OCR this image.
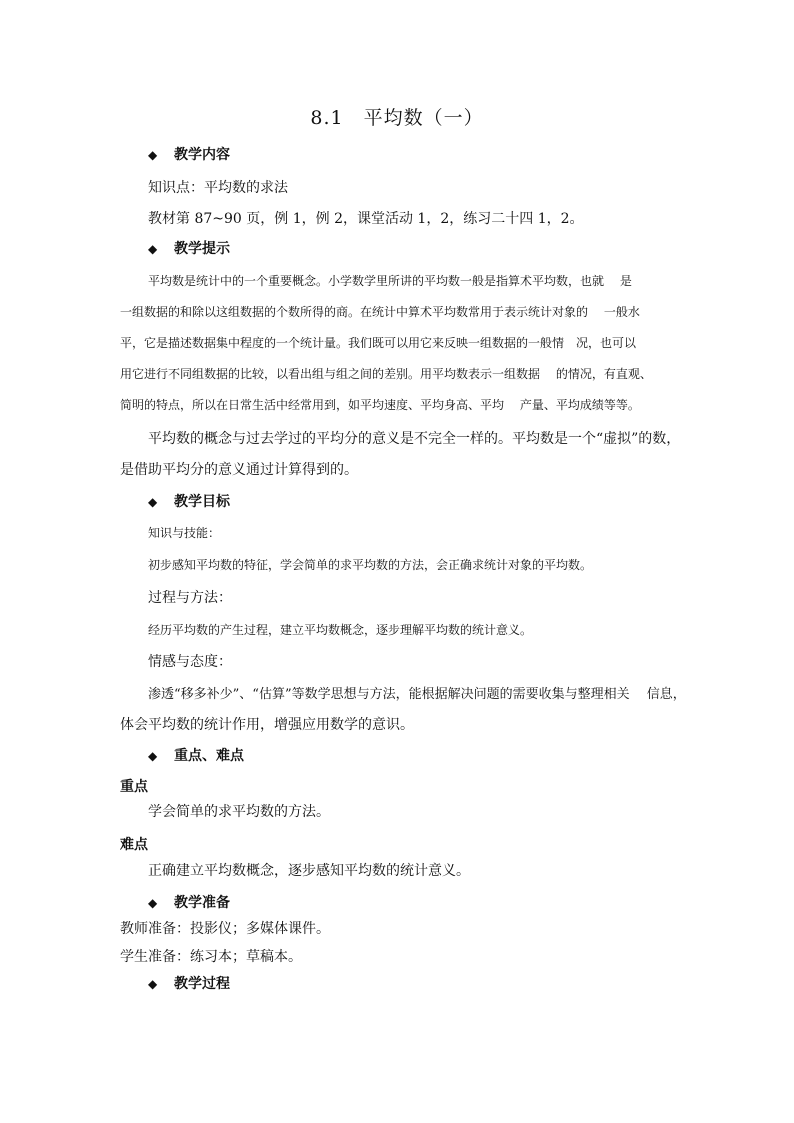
8.1　平均数（一）
◆ 教学内容
知识点：平均数的求法
教材第 87~90 页，例 1，例 2，课堂活动 1，2，练习二十四 1，2。
◆ 教学提示
平均数是统计中的一个重要概念。小学数学里所讲的平均数一般是指算术平均数，也就　 是
一组数据的和除以这组数据的个数所得的商。在统计中算术平均数常用于表示统计对象的　 一般水
平，它是描述数据集中程度的一个统计量。我们既可以用它来反映一组数据的一般情　况，也可以
用它进行不同组数据的比较，以看出组与组之间的差别。用平均数表示一组数据　 的情况，有直观、
简明的特点，所以在日常生活中经常用到，如平均速度、平均身高、平均　 产量、平均成绩等等。
平均数的概念与过去学过的平均分的意义是不完全一样的。平均数是一个“虚拟”的数，
是借助平均分的意义通过计算得到的。
◆ 教学目标
知识与技能：
初步感知平均数的特征，学会简单的求平均数的方法，会正确求统计对象的平均数。
过程与方法：
经历平均数的产生过程，建立平均数概念，逐步理解平均数的统计意义。
情感与态度：
渗透“移多补少”、“估算”等数学思想与方法，能根据解决问题的需要收集与整理相关　 信息，
体会平均数的统计作用，增强应用数学的意识。
◆ 重点、难点
重点
学会简单的求平均数的方法。
难点
正确建立平均数概念，逐步感知平均数的统计意义。
◆ 教学准备
教师准备：投影仪；多媒体课件。
学生准备：练习本；草稿本。
◆ 教学过程
